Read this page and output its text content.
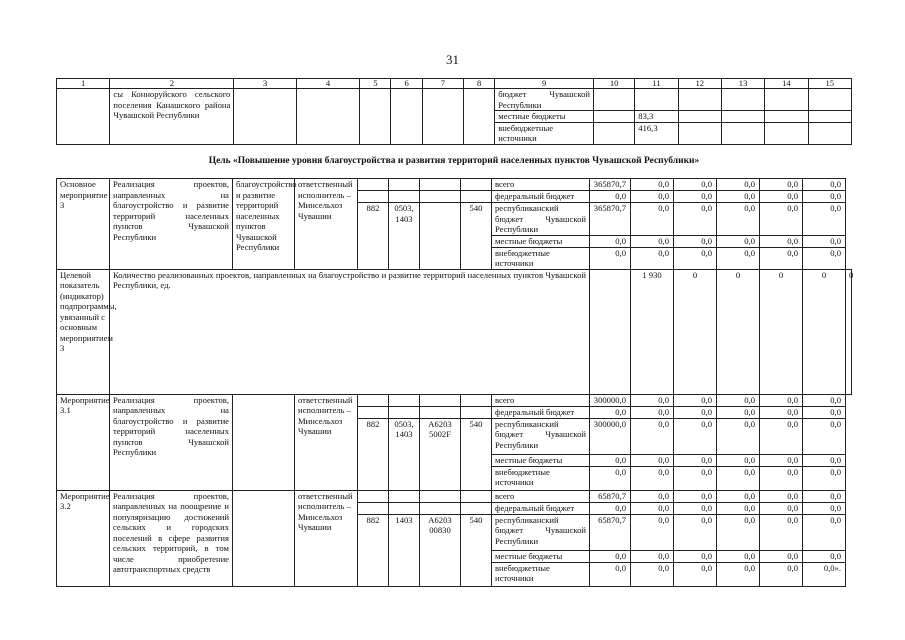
31
1	2	3	4	5	6	7	8	9	10	11	12	13	14	15
	сы Конноруйского сельского поселения Канашского района Чувашской Республики							бюджет Чувашской Республики						
								местные бюджеты		83,3				
								внебюджетные источники		416,3				
Цель «Повышение уровня благоустройства и развития территорий населенных пунктов Чувашской Республики»
Основное мероприятие 3	Реализация проектов, направленных на благоустройство и развитие территорий населенных пунктов Чувашской Республики	благоустройство и развитие территорий населенных пунктов Чувашской Республики	ответственный исполнитель – Минсельхоз Чувашии					всего	365870,7	0,0	0,0	0,0	0,0	0,0	
								федеральный бюджет	0,0	0,0	0,0	0,0	0,0	0,0	
				882	0503, 1403		540	республиканский бюджет Чувашской Республики	365870,7	0,0	0,0	0,0	0,0	0,0	
								местные бюджеты	0,0	0,0	0,0	0,0	0,0	0,0	
								внебюджетные источники	0,0	0,0	0,0	0,0	0,0	0,0	
Целевой показатель (индикатор) подпрограммы, увязанный с основным мероприятием 3	Количество реализованных проектов, направленных на благоустройство и развитие территорий населенных пунктов Чувашской Республики, ед.									1 930	0	0	0	0	0
Мероприятие 3.1	Реализация проектов, направленных на благоустройство и развитие территорий населенных пунктов Чувашской Республики		ответственный исполнитель – Минсельхоз Чувашии					всего	300000,0	0,0	0,0	0,0	0,0	0,0	
								федеральный бюджет	0,0	0,0	0,0	0,0	0,0	0,0	
				882	0503, 1403	A6203 5002F	540	республиканский бюджет Чувашской Республики	300000,0	0,0	0,0	0,0	0,0	0,0	
								местные бюджеты	0,0	0,0	0,0	0,0	0,0	0,0	
								внебюджетные источники	0,0	0,0	0,0	0,0	0,0	0,0	
Мероприятие 3.2	Реализация проектов, направленных на поощрение и популяризацию достижений сельских и городских поселений в сфере развития сельских территорий, в том числе приобретение автотранспортных средств		ответственный исполнитель – Минсельхоз Чувашии					всего	65870,7	0,0	0,0	0,0	0,0	0,0	
								федеральный бюджет	0,0	0,0	0,0	0,0	0,0	0,0	
				882	1403	A6203 00830	540	республиканский бюджет Чувашской Республики	65870,7	0,0	0,0	0,0	0,0	0,0	
								местные бюджеты	0,0	0,0	0,0	0,0	0,0	0,0	
								внебюджетные источники	0,0	0,0	0,0	0,0	0,0	0,0».	
